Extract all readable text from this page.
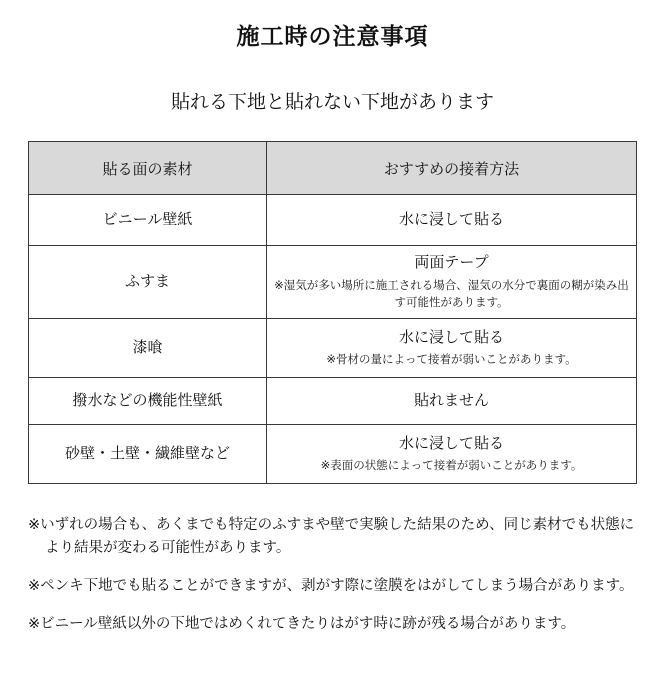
施工時の注意事項
貼れる下地と貼れない下地があります
貼る面の素材	おすすめの接着方法
ビニール壁紙	水に浸して貼る

ふすま	両面テープ
※湿気が多い場所に施工される場合、湿気の水分で裏面の糊が染み出す可能性があります。

漆喰	水に浸して貼る
※骨材の量によって接着が弱いことがあります。

撥水などの機能性壁紙	貼れません

砂壁・土壁・繊維壁など	水に浸して貼る
※表面の状態によって接着が弱いことがあります。

※いずれの場合も、あくまでも特定のふすまや壁で実験した結果のため、同じ素材でも状態により結果が変わる可能性があります。

※ペンキ下地でも貼ることができますが、剥がす際に塗膜をはがしてしまう場合があります。

※ビニール壁紙以外の下地ではめくれてきたりはがす時に跡が残る場合があります。
